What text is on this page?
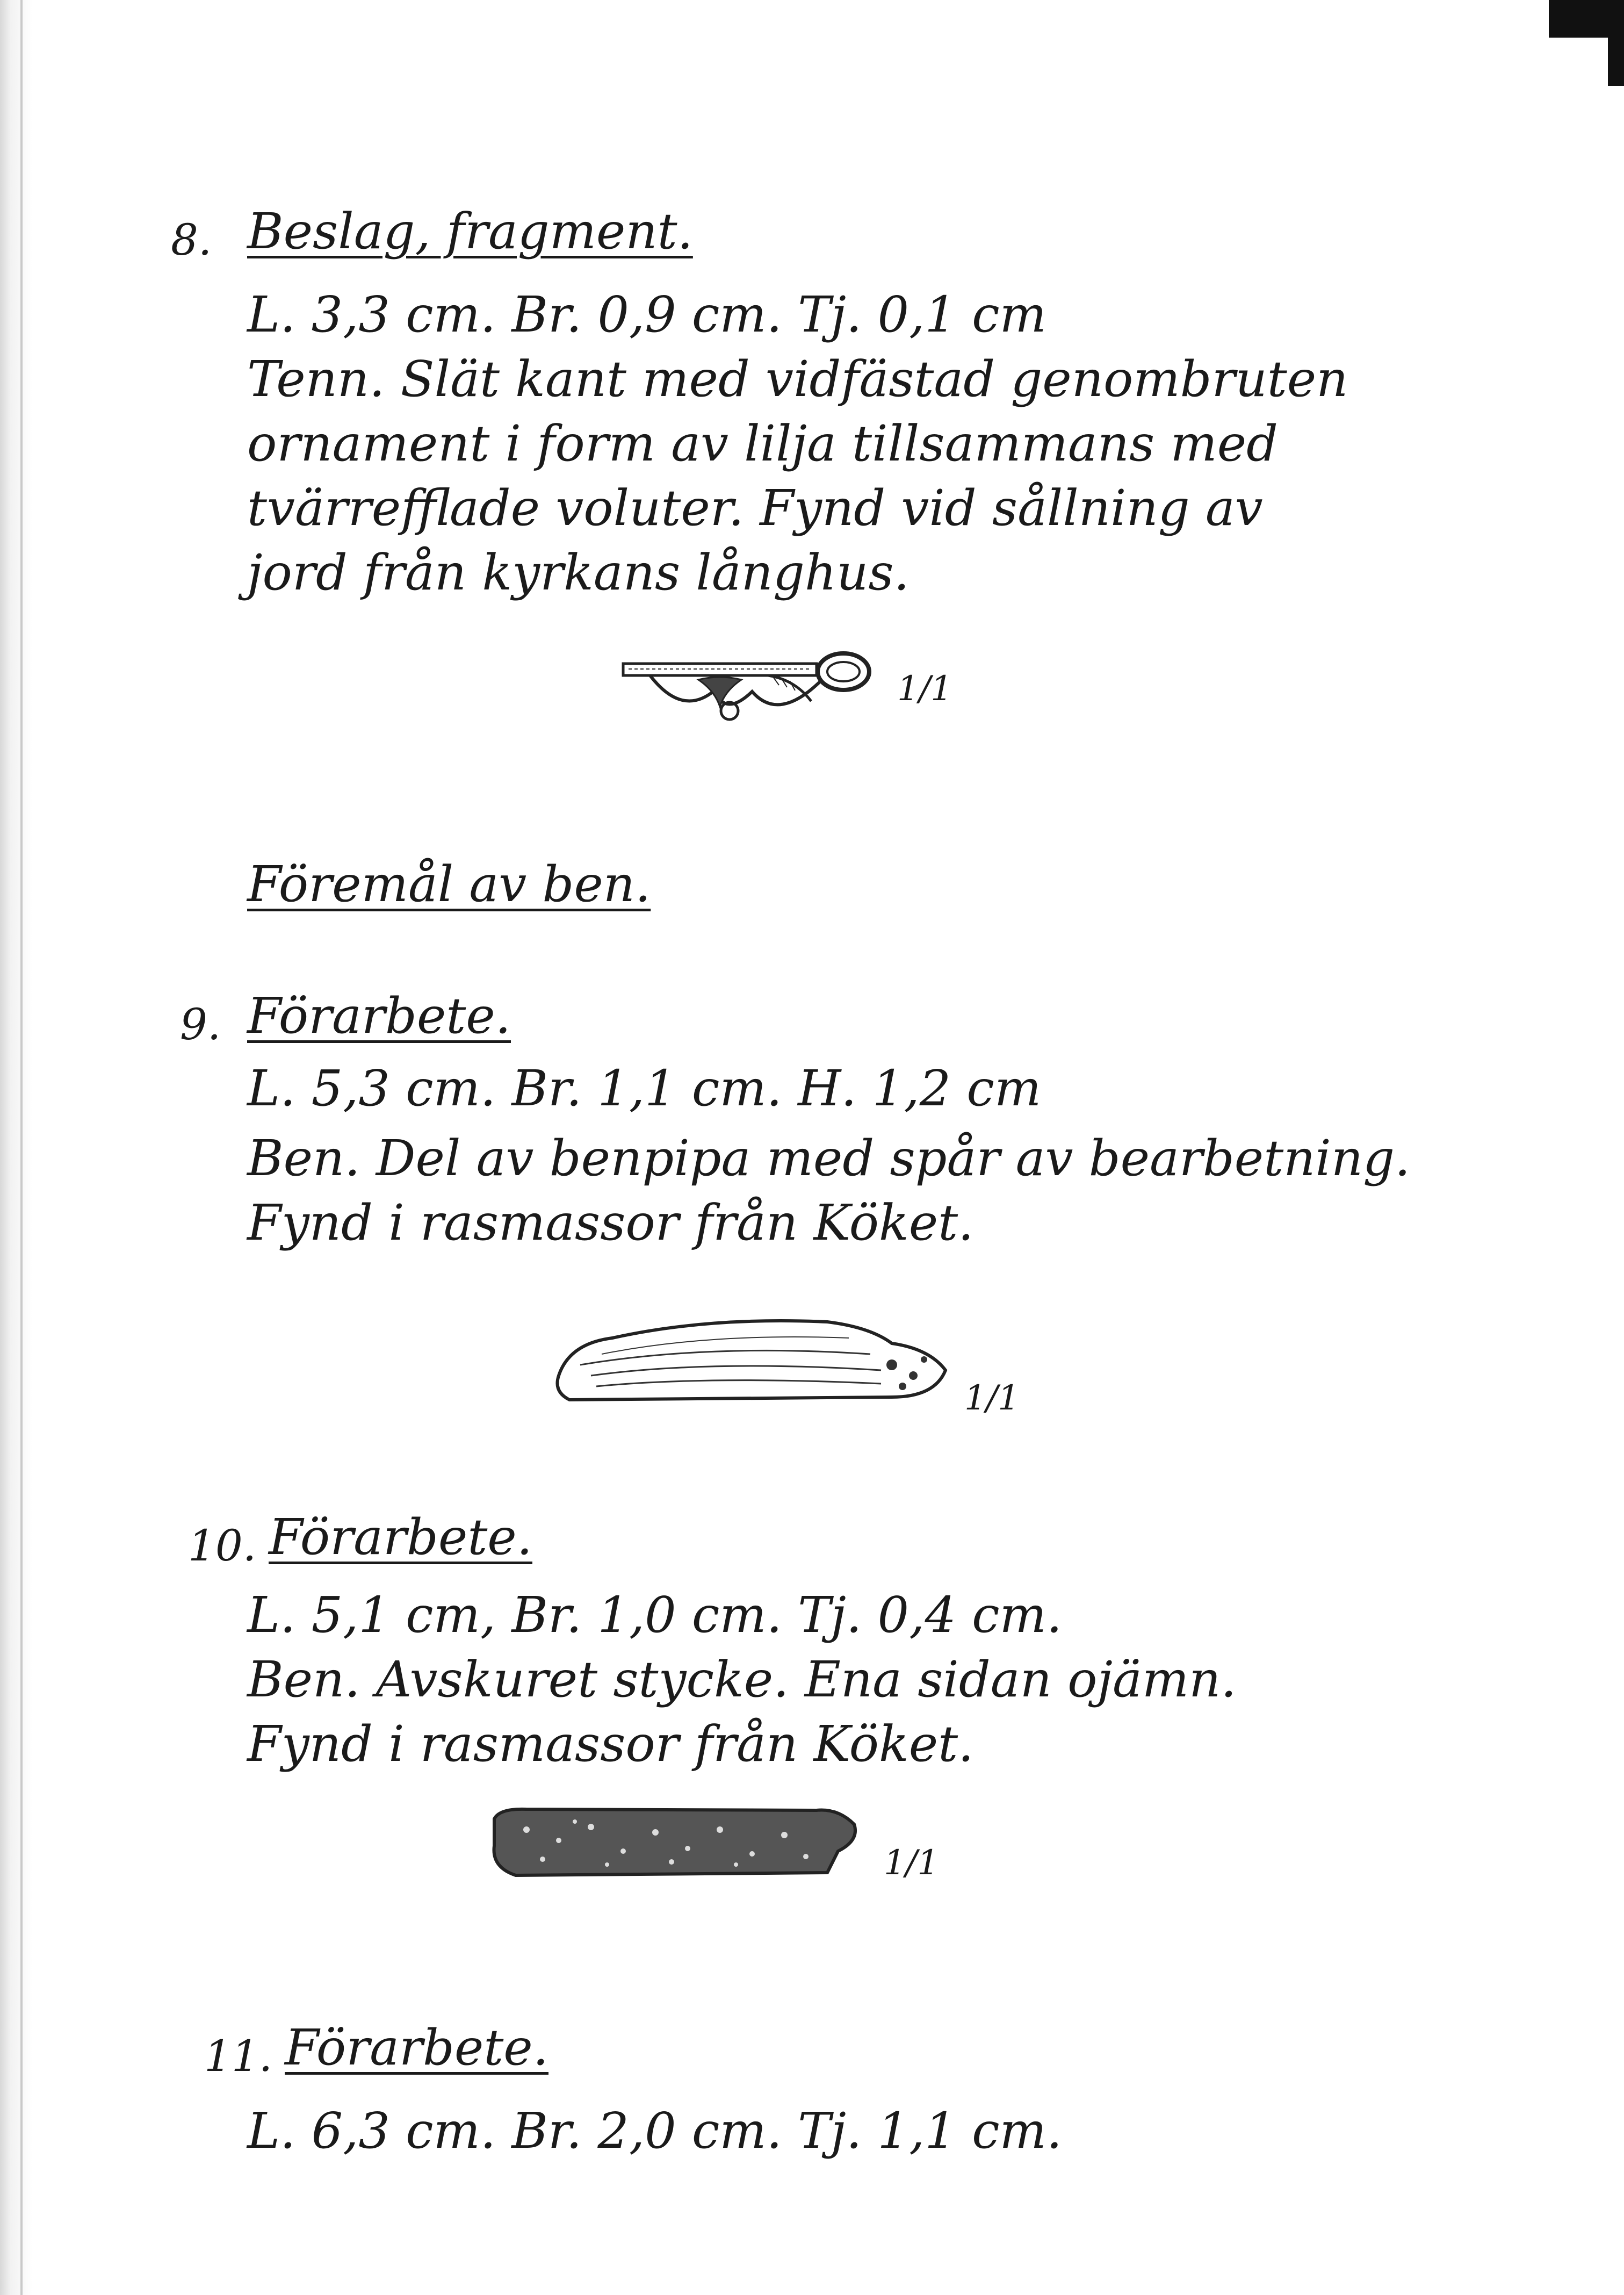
8. Beslag, fragment.
L. 3,3 cm. Br. 0,9 cm. Tj. 0,1 cm
Tenn. Slät kant med vidfästad genombruten
ornament i form av lilja tillsammans med
tvärrefflade voluter. Fynd vid sållning av
jord från kyrkans långhus.
1/1
Föremål av ben.
9. Förarbete.
L. 5,3 cm. Br. 1,1 cm. H. 1,2 cm
Ben. Del av benpipa med spår av bearbetning.
Fynd i rasmassor från Köket.
1/1
10. Förarbete.
L. 5,1 cm, Br. 1,0 cm. Tj. 0,4 cm.
Ben. Avskuret stycke. Ena sidan ojämn.
Fynd i rasmassor från Köket.
1/1
11. Förarbete.
L. 6,3 cm. Br. 2,0 cm. Tj. 1,1 cm.
